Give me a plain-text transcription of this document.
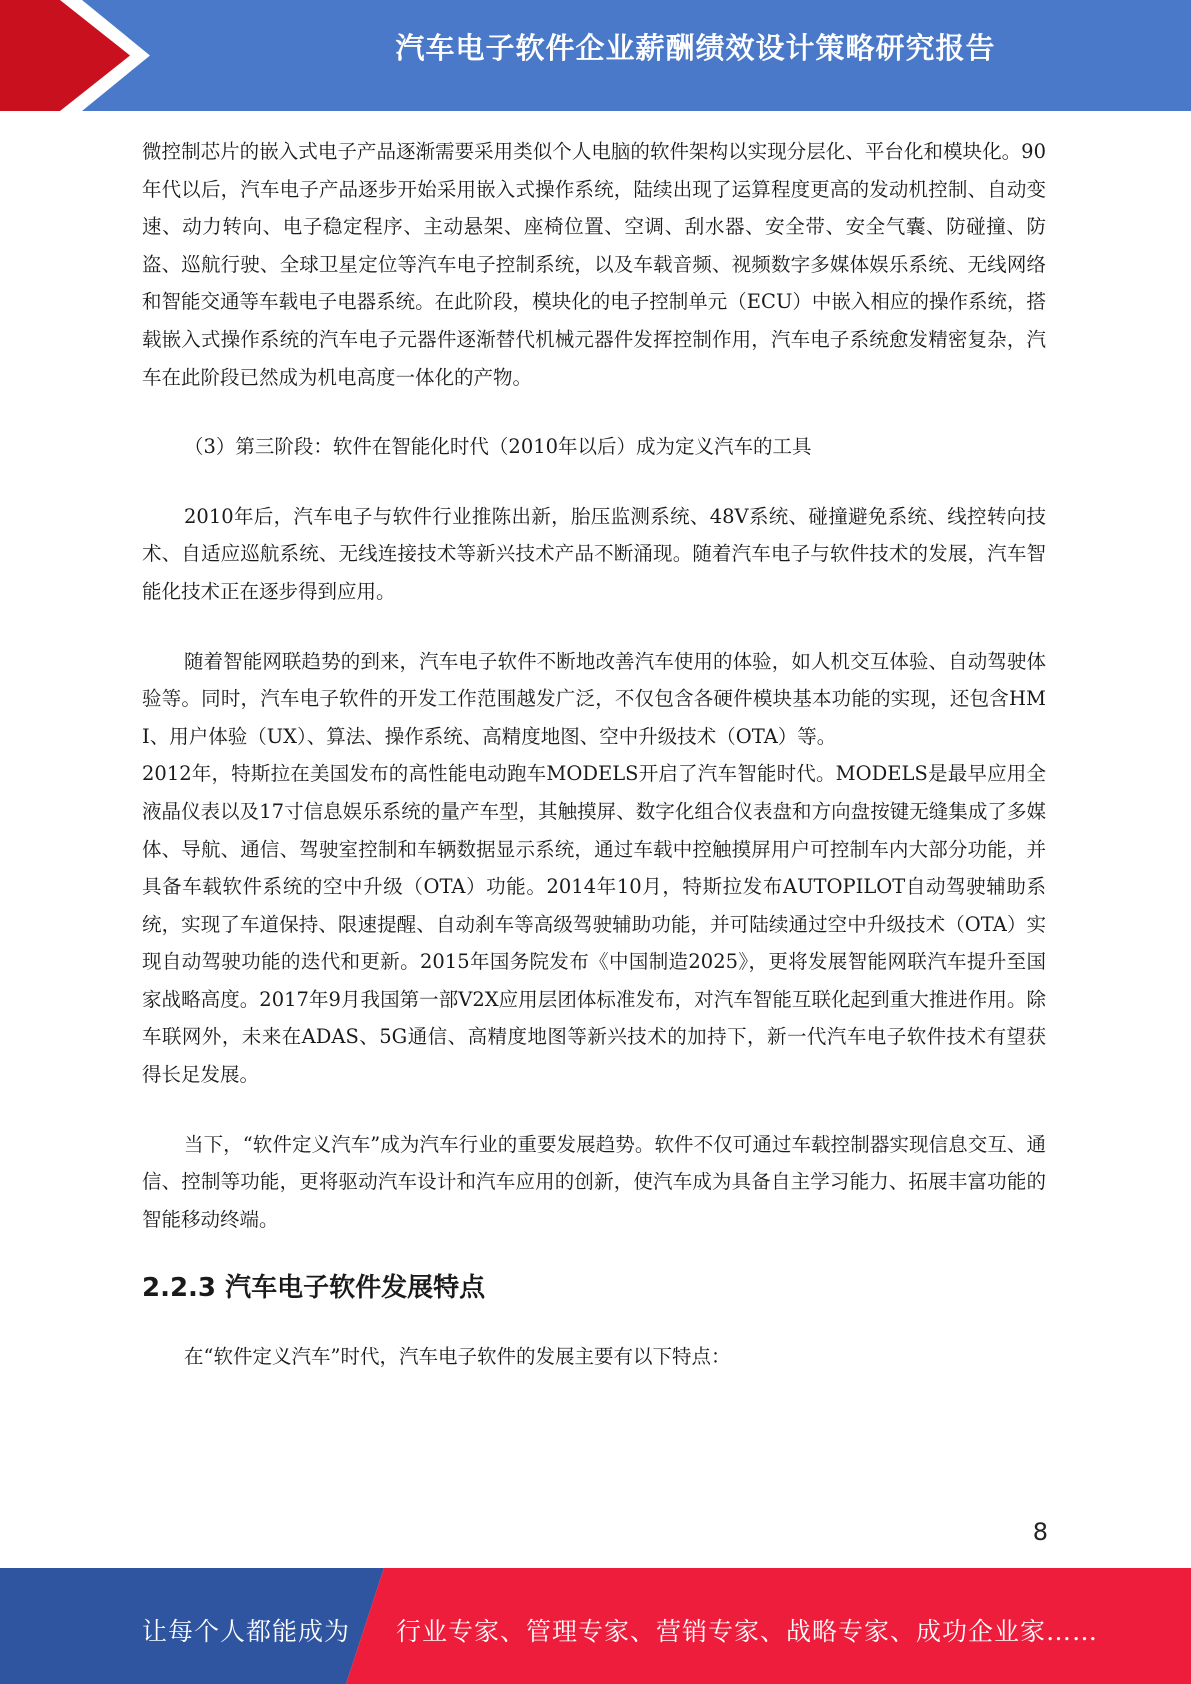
汽车电子软件企业薪酬绩效设计策略研究报告

微控制芯片的嵌入式电子产品逐渐需要采用类似个人电脑的软件架构以实现分层化、平台化和模块化。90年代以后，汽车电子产品逐步开始采用嵌入式操作系统，陆续出现了运算程度更高的发动机控制、自动变速、动力转向、电子稳定程序、主动悬架、座椅位置、空调、刮水器、安全带、安全气囊、防碰撞、防盗、巡航行驶、全球卫星定位等汽车电子控制系统，以及车载音频、视频数字多媒体娱乐系统、无线网络和智能交通等车载电子电器系统。在此阶段，模块化的电子控制单元（ECU）中嵌入相应的操作系统，搭载嵌入式操作系统的汽车电子元器件逐渐替代机械元器件发挥控制作用，汽车电子系统愈发精密复杂，汽车在此阶段已然成为机电高度一体化的产物。

（3）第三阶段：软件在智能化时代（2010年以后）成为定义汽车的工具

2010年后，汽车电子与软件行业推陈出新，胎压监测系统、48V系统、碰撞避免系统、线控转向技术、自适应巡航系统、无线连接技术等新兴技术产品不断涌现。随着汽车电子与软件技术的发展，汽车智能化技术正在逐步得到应用。

随着智能网联趋势的到来，汽车电子软件不断地改善汽车使用的体验，如人机交互体验、自动驾驶体验等。同时，汽车电子软件的开发工作范围越发广泛，不仅包含各硬件模块基本功能的实现，还包含HMI、用户体验（UX）、算法、操作系统、高精度地图、空中升级技术（OTA）等。

2012年，特斯拉在美国发布的高性能电动跑车MODELS开启了汽车智能时代。MODELS是最早应用全液晶仪表以及17寸信息娱乐系统的量产车型，其触摸屏、数字化组合仪表盘和方向盘按键无缝集成了多媒体、导航、通信、驾驶室控制和车辆数据显示系统，通过车载中控触摸屏用户可控制车内大部分功能，并具备车载软件系统的空中升级（OTA）功能。2014年10月，特斯拉发布AUTOPILOT自动驾驶辅助系统，实现了车道保持、限速提醒、自动刹车等高级驾驶辅助功能，并可陆续通过空中升级技术（OTA）实现自动驾驶功能的迭代和更新。2015年国务院发布《中国制造2025》，更将发展智能网联汽车提升至国家战略高度。2017年9月我国第一部V2X应用层团体标准发布，对汽车智能互联化起到重大推进作用。除车联网外，未来在ADAS、5G通信、高精度地图等新兴技术的加持下，新一代汽车电子软件技术有望获得长足发展。

当下，“软件定义汽车”成为汽车行业的重要发展趋势。软件不仅可通过车载控制器实现信息交互、通信、控制等功能，更将驱动汽车设计和汽车应用的创新，使汽车成为具备自主学习能力、拓展丰富功能的智能移动终端。

2.2.3 汽车电子软件发展特点

在“软件定义汽车”时代，汽车电子软件的发展主要有以下特点：

8
让每个人都能成为 行业专家、管理专家、营销专家、战略专家、成功企业家……
